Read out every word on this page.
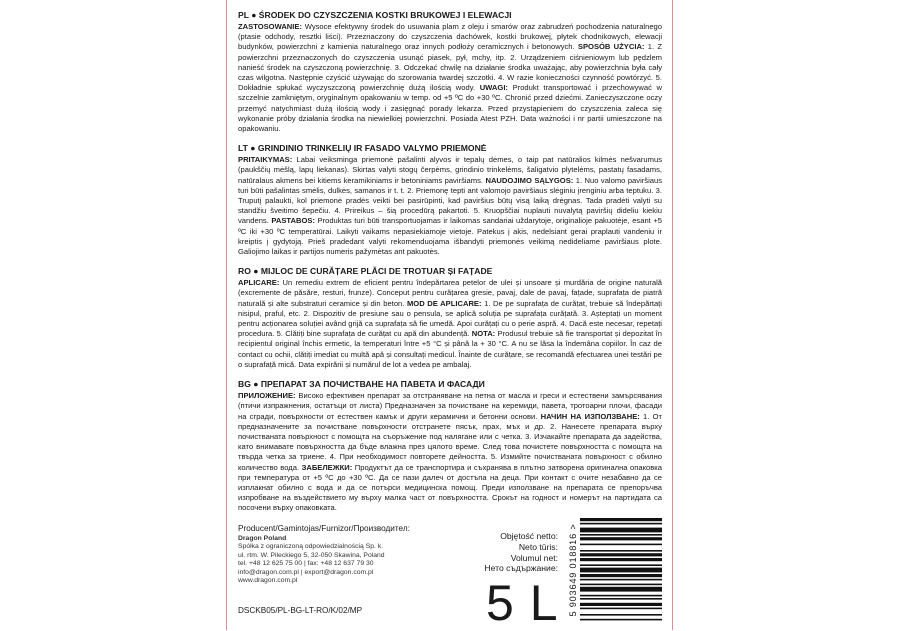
PL ● ŚRODEK DO CZYSZCZENIA KOSTKI BRUKOWEJ I ELEWACJI

ZASTOSOWANIE: Wysoce efektywny środek do usuwania plam z oleju i smarów oraz zabrudzeń pochodzenia naturalnego (ptasie odchody, resztki liści). Przeznaczony do czyszczenia dachówek, kostki brukowej, płytek chodnikowych, elewacji budynków, powierzchni z kamienia naturalnego oraz innych podłoży ceramicznych i betonowych. SPOSÓB UŻYCIA: 1. Z powierzchni przeznaczonych do czyszczenia usunąć piasek, pył, mchy, itp. 2. Urządzeniem ciśnieniowym lub pędzlem nanieść środek na czyszczoną powierzchnię. 3. Odczekać chwilę na działanie środka uważając, aby powierzchnia była cały czas wilgotna. Następnie czyścić używając do szorowania twardej szczotki. 4. W razie konieczności czynność powtórzyć. 5. Dokładnie spłukać wyczyszczoną powierzchnię dużą ilością wody. UWAGI: Produkt transportować i przechowywać w szczelnie zamkniętym, oryginalnym opakowaniu w temp. od +5 ºC do +30 ºC. Chronić przed dziećmi. Zanieczyszczone oczy przemyć natychmiast dużą ilością wody i zasięgnąć porady lekarza. Przed przystąpieniem do czyszczenia zaleca się wykonanie próby działania środka na niewielkiej powierzchni. Posiada Atest PZH. Data ważności i nr partii umieszczone na opakowaniu.

LT ● GRINDINIO TRINKELIŲ IR FASADO VALYMO PRIEMONĖ

PRITAIKYMAS: Labai veiksminga priemonė pašalinti alyvos ir tepalų dėmes, o taip pat natūralios kilmės nešvarumus (paukščių mėšlą, lapų liekanas). Skirtas valyti stogų čerpėms, grindinio trinkelėms, šaligatvio plytelėms, pastatų fasadams, natūralaus akmens bei kitiems keramikiniams ir betoniniams paviršiams. NAUDOJIMO SĄLYGOS: 1. Nuo valomo paviršiaus turi būti pašalintas smėlis, dulkės, samanos ir t. t. 2. Priemonę tepti ant valomojo paviršiaus slėginiu įrenginiu arba teptuku. 3. Truputį palaukti, kol priemonė pradės veikti bei pasirūpinti, kad paviršius būtų visą laiką drėgnas. Tada pradėti valyti su standžiu šveitimo šepečiu. 4. Prireikus – šią procedūrą pakartoti. 5. Kruopščiai nuplauti nuvalytą paviršių dideliu kiekiu vandens. PASTABOS: Produktas turi būti transportuojamas ir laikomas sandariai uždarytoje, originalioje pakuotėje, esant +5 ºC iki +30 ºC temperatūrai. Laikyti vaikams nepasiekiamoje vietoje. Patekus į akis, nedelsiant gerai praplauti vandeniu ir kreiptis į gydytoją. Prieš pradedant valyti rekomenduojama išbandyti priemonės veikimą nedideliame paviršiaus plote. Galiojimo laikas ir partijos numeris pažymėtas ant pakuotės.

RO ● MIJLOC DE CURĂȚARE PLĂCI DE TROTUAR ȘI FAȚADE

APLICARE: Un remediu extrem de eficient pentru îndepărtarea petelor de ulei și unsoare și murdăria de origine naturală (excremente de păsăre, resturi, frunze). Conceput pentru curățarea gresie, pavaj, dale de pavaj, fațade, suprafața de piatră naturală și alte substraturi ceramice și din beton. MOD DE APLICARE: 1. De pe suprafața de curățat, trebuie să îndepărtați nisipul, praful, etc. 2. Dispozitiv de presiune sau o pensula, se aplică soluția pe suprafața curățată. 3. Așteptați un moment pentru acționarea soluției având grijă ca suprafața să fie umedă. Apoi curățați cu o perie aspră. 4. Dacă este necesar, repetați procedura. 5. Clătiți bine suprafața de curățat cu apă din abundență. NOTA: Produsul trebuie să fie transportat și depozitat în recipientul original închis ermetic, la temperaturi între +5 °C și până la + 30 °C. A nu se lăsa la îndemâna copiilor. În caz de contact cu ochii, clătiți imediat cu multă apă și consultați medicul. Înainte de curățare, se recomandă efectuarea unei testări pe o suprafață mică. Data expirării și numărul de lot a vedea pe ambalaj.

BG ● ПРЕПАРАТ ЗА ПОЧИСТВАНЕ НА ПАВЕТА И ФАСАДИ

ПРИЛОЖЕНИЕ: Високо ефективен препарат за отстраняване на петна от масла и греси и естествени замърсявания (птичи изпражнения, остатъци от листа) Предназначен за почистване на керемиди, павета, тротоарни плочи, фасади на сгради, повърхности от естествен камък и други керамични и бетонни основи. НАЧИН НА ИЗПОЛЗВАНЕ: 1. От предназначените за почистване повърхности отстранете пясък, прах, мъх и др. 2. Нанесете препарата върху почистваната повърхност с помощта на съоръжение под налягане или с четка. 3. Изчакайте препарата да задейства, като внимавате повърхността да бъде влажна през цялото време. След това почистете повърхността с помощта на твърда четка за триене. 4. При необходимост повторете дейността. 5. Измийте почистваната повърхност с обилно количество вода. ЗАБЕЛЕЖКИ: Продуктът да се транспортира и съхранява в плътно затворена оригинална опаковка при температура от +5 ºC до +30 ºC. Да се пази далеч от достъпа на деца. При контакт с очите незабавно да се изплакнат обилно с вода и да се потърси медицинска помощ. Преди използване на препарата се препоръчва изпробване на въздействието му върху малка част от повърхността. Срокът на годност и номерът на партидата са посочени върху опаковката.

Producent/Gamintojas/Furnizor/Производител:
Dragon Poland
Spółka z ograniczoną odpowiedzialnością Sp. k.
ul. rtm. W. Pileckiego 5, 32-050 Skawina, Poland
tel. +48 12 625 75 00 | fax: +48 12 637 79 30
info@dragon.com.pl | export@dragon.com.pl
www.dragon.com.pl
Objętość netto:
Neto tūris:
Volumul net:
Нето съдържание:
5 L
DSCKB05/PL-BG-LT-RO/K/02/MP	5 903649 018816 >
